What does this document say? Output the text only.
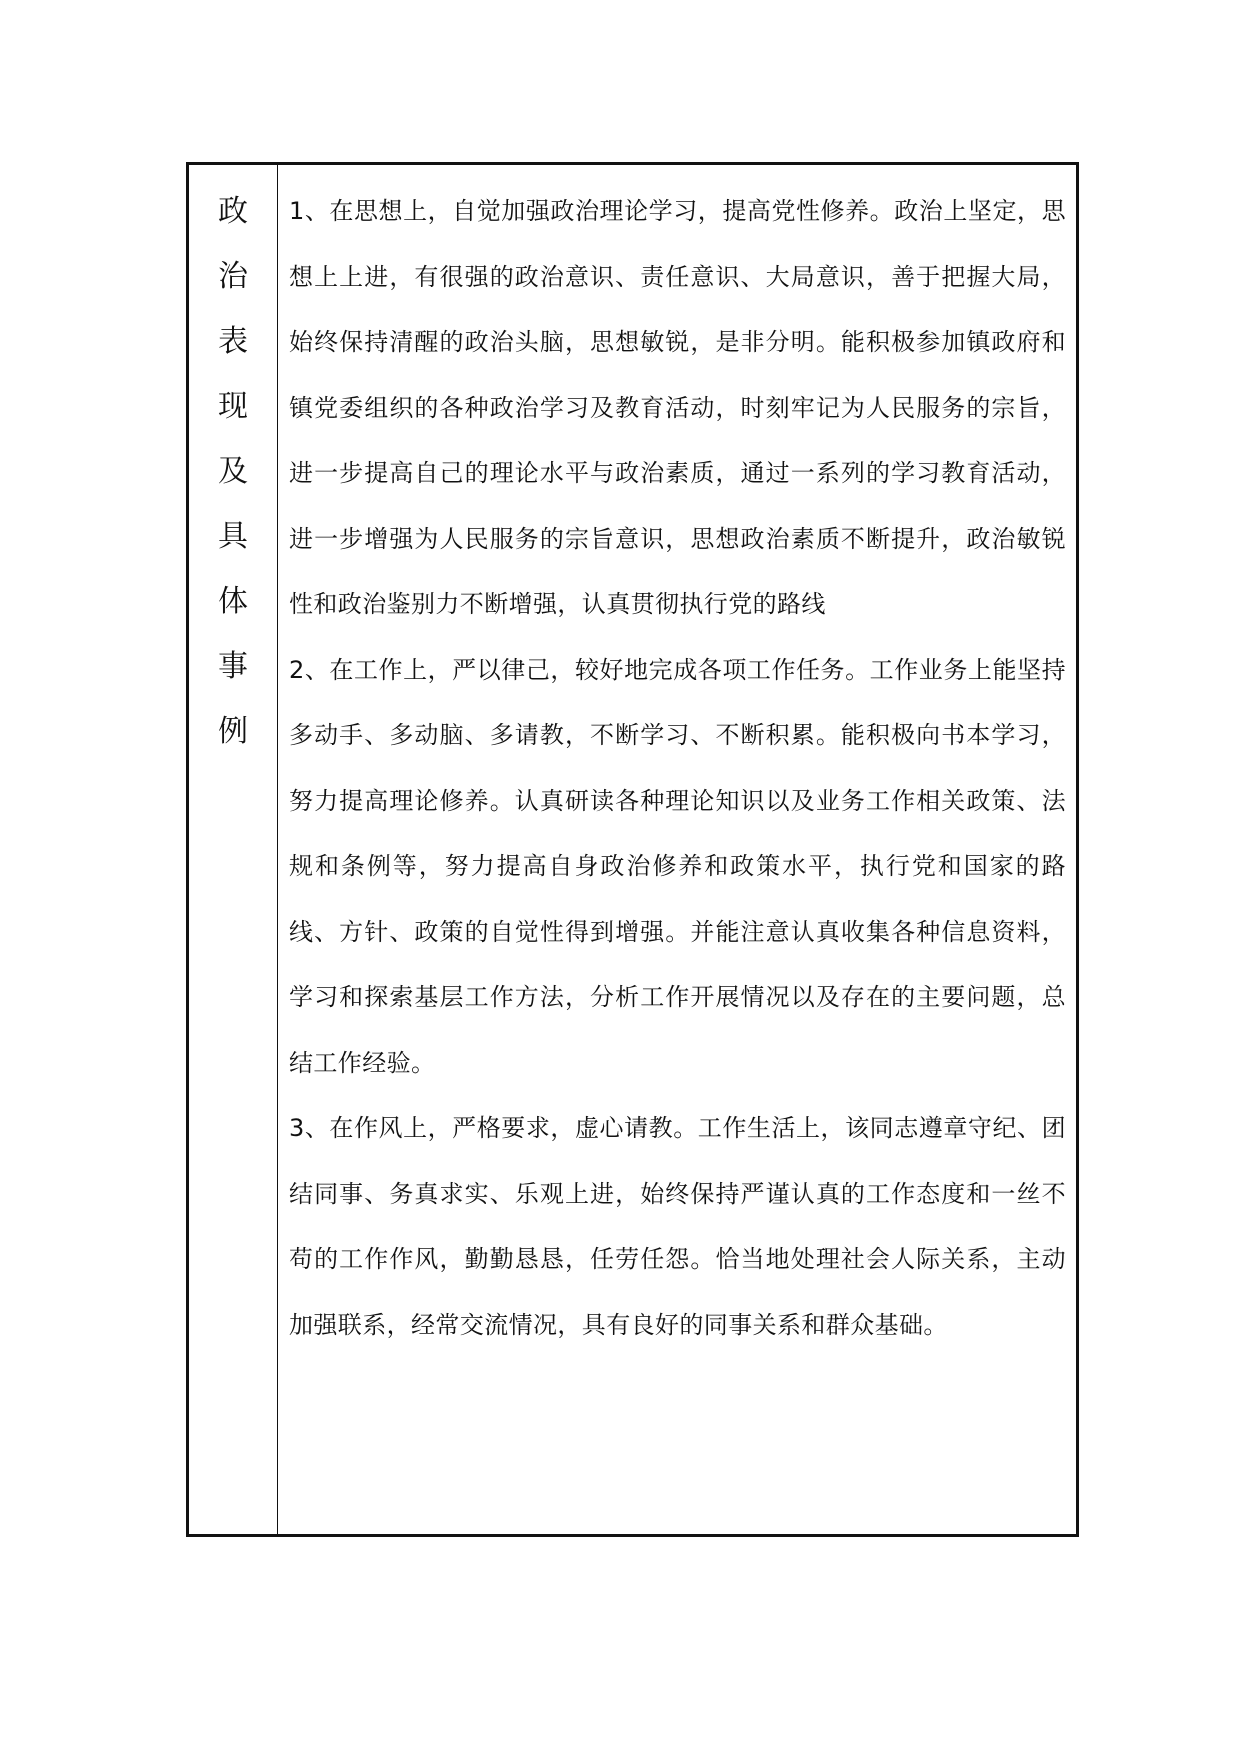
政
治
表
现
及
具
体
事
例

1、在思想上，自觉加强政治理论学习，提高党性修养。政治上坚定，思想上上进，有很强的政治意识、责任意识、大局意识，善于把握大局，始终保持清醒的政治头脑，思想敏锐，是非分明。能积极参加镇政府和镇党委组织的各种政治学习及教育活动，时刻牢记为人民服务的宗旨，进一步提高自己的理论水平与政治素质，通过一系列的学习教育活动，进一步增强为人民服务的宗旨意识，思想政治素质不断提升，政治敏锐性和政治鉴别力不断增强，认真贯彻执行党的路线

2、在工作上，严以律己，较好地完成各项工作任务。工作业务上能坚持多动手、多动脑、多请教，不断学习、不断积累。能积极向书本学习，努力提高理论修养。认真研读各种理论知识以及业务工作相关政策、法规和条例等，努力提高自身政治修养和政策水平，执行党和国家的路线、方针、政策的自觉性得到增强。并能注意认真收集各种信息资料，学习和探索基层工作方法，分析工作开展情况以及存在的主要问题，总结工作经验。

3、在作风上，严格要求，虚心请教。工作生活上，该同志遵章守纪、团结同事、务真求实、乐观上进，始终保持严谨认真的工作态度和一丝不苟的工作作风，勤勤恳恳，任劳任怨。恰当地处理社会人际关系，主动加强联系，经常交流情况，具有良好的同事关系和群众基础。
